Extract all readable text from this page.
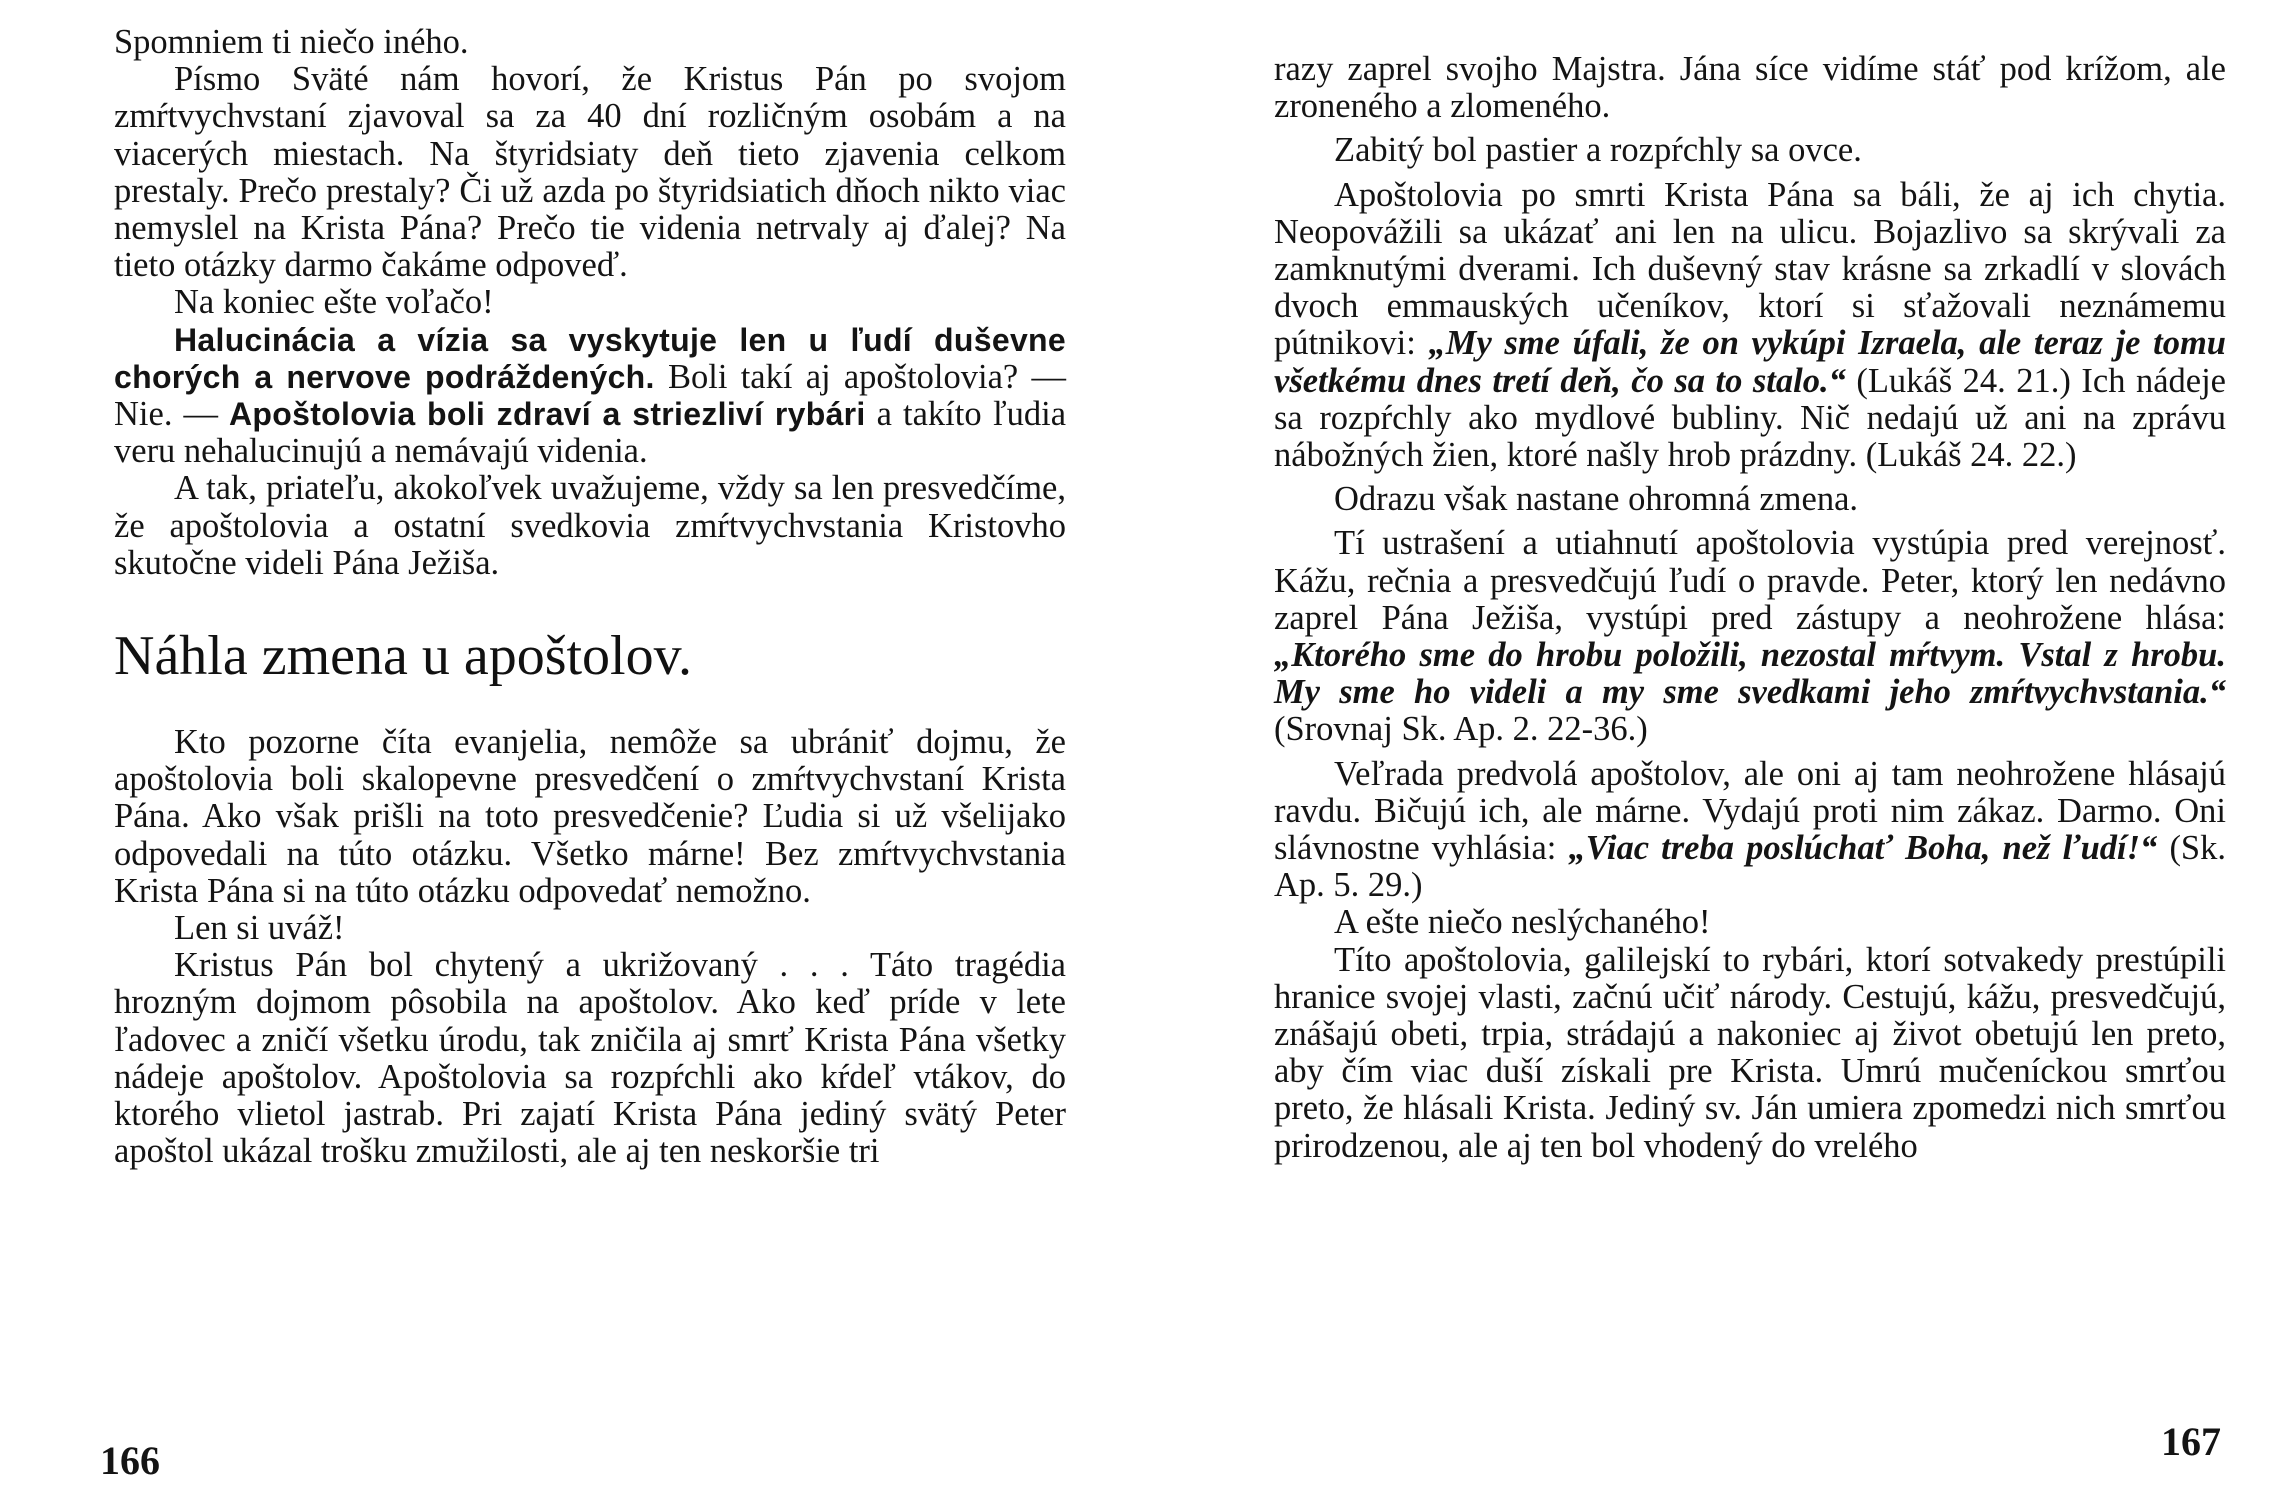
Spomniem ti niečo iného.

Písmo Sväté nám hovorí, že Kristus Pán po svojom zmŕtvychvstaní zjavoval sa za 40 dní rozličným osobám a na viacerých miestach. Na štyridsiaty deň tieto zjavenia celkom prestaly. Prečo prestaly? Či už azda po štyridsiatich dňoch nikto viac nemyslel na Krista Pána? Prečo tie videnia netrvaly aj ďalej? Na tieto otázky darmo čakáme odpoveď.

Na koniec ešte voľačo!

Halucinácia a vízia sa vyskytuje len u ľudí duševne chorých a nervove podráždených. Boli takí aj apoštolovia? — Nie. — Apoštolovia boli zdraví a striezliví rybári a takíto ľudia veru nehalucinujú a nemávajú videnia.

A tak, priateľu, akokoľvek uvažujeme, vždy sa len presvedčíme, že apoštolovia a ostatní svedkovia zmŕtvychvstania Kristovho skutočne videli Pána Ježiša.

Náhla zmena u apoštolov.

Kto pozorne číta evanjelia, nemôže sa ubrániť dojmu, že apoštolovia boli skalopevne presvedčení o zmŕtvychvstaní Krista Pána. Ako však prišli na toto presvedčenie? Ľudia si už všelijako odpovedali na túto otázku. Všetko márne! Bez zmŕtvychvstania Krista Pána si na túto otázku odpovedať nemožno.

Len si uváž!

Kristus Pán bol chytený a ukrižovaný . . . Táto tragédia hrozným dojmom pôsobila na apoštolov. Ako keď príde v lete ľadovec a zničí všetku úrodu, tak zničila aj smrť Krista Pána všetky nádeje apoštolov. Apoštolovia sa rozpŕchli ako kŕdeľ vtákov, do ktorého vlietol jastrab. Pri zajatí Krista Pána jediný svätý Peter apoštol ukázal trošku zmužilosti, ale aj ten neskoršie tri

166

razy zaprel svojho Majstra. Jána síce vidíme stáť pod krížom, ale zroneného a zlomeného.

Zabitý bol pastier a rozpŕchly sa ovce.

Apoštolovia po smrti Krista Pána sa báli, že aj ich chytia. Neopovážili sa ukázať ani len na ulicu. Bojazlivo sa skrývali za zamknutými dverami. Ich duševný stav krásne sa zrkadlí v slovách dvoch emmauských učeníkov, ktorí si sťažovali neznámemu pútnikovi: „My sme úfali, že on vykúpi Izraela, ale teraz je tomu všetkému dnes tretí deň, čo sa to stalo.“ (Lukáš 24. 21.) Ich nádeje sa rozpŕchly ako mydlové bubliny. Nič nedajú už ani na zprávu nábožných žien, ktoré našly hrob prázdny. (Lukáš 24. 22.)

Odrazu však nastane ohromná zmena.

Tí ustrašení a utiahnutí apoštolovia vystúpia pred verejnosť. Kážu, rečnia a presvedčujú ľudí o pravde. Peter, ktorý len nedávno zaprel Pána Ježiša, vystúpi pred zástupy a neohrožene hlása: „Ktorého sme do hrobu položili, nezostal mŕtvym. Vstal z hrobu. My sme ho videli a my sme svedkami jeho zmŕtvychvstania.“ (Srovnaj Sk. Ap. 2. 22-36.)

Veľrada predvolá apoštolov, ale oni aj tam neohrožene hlásajú ravdu. Bičujú ich, ale márne. Vydajú proti nim zákaz. Darmo. Oni slávnostne vyhlásia: „Viac treba poslúchať Boha, než ľudí!“ (Sk. Ap. 5. 29.)

A ešte niečo neslýchaného!

Títo apoštolovia, galilejskí to rybári, ktorí sotvakedy prestúpili hranice svojej vlasti, začnú učiť národy. Cestujú, kážu, presvedčujú, znášajú obeti, trpia, strádajú a nakoniec aj život obetujú len preto, aby čím viac duší získali pre Krista. Umrú mučeníckou smrťou preto, že hlásali Krista. Jediný sv. Ján umiera zpomedzi nich smrťou prirodzenou, ale aj ten bol vhodený do vrelého

167
